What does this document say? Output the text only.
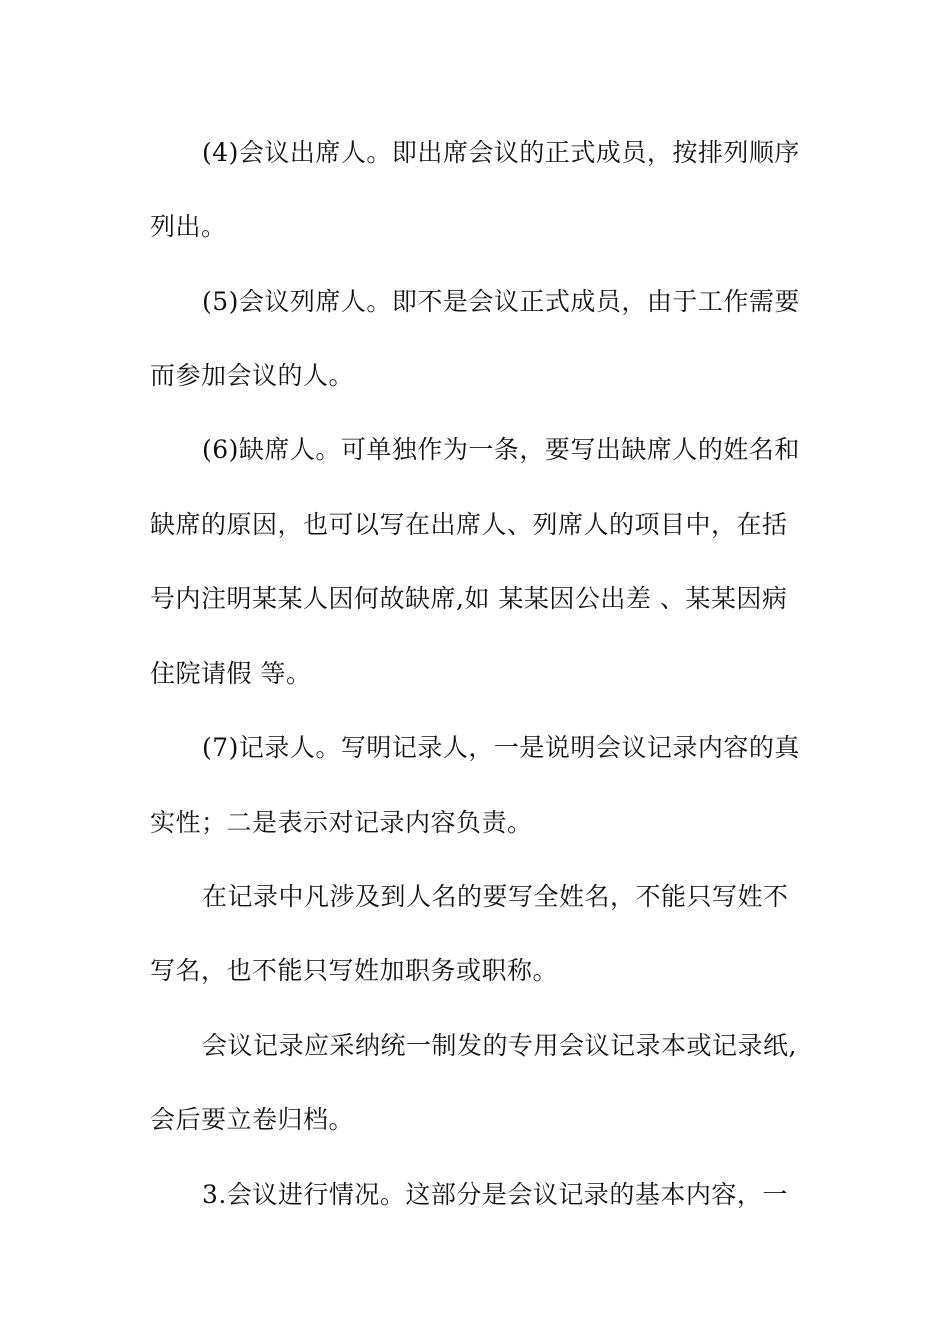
(4)会议出席人。即出席会议的正式成员，按排列顺序
列出。
(5)会议列席人。即不是会议正式成员，由于工作需要
而参加会议的人。
(6)缺席人。可单独作为一条，要写出缺席人的姓名和
缺席的原因，也可以写在出席人、列席人的项目中，在括
号内注明某某人因何故缺席,如 某某因公出差 、某某因病
住院请假 等。
(7)记录人。写明记录人，一是说明会议记录内容的真
实性；二是表示对记录内容负责。
在记录中凡涉及到人名的要写全姓名，不能只写姓不
写名，也不能只写姓加职务或职称。
会议记录应采纳统一制发的专用会议记录本或记录纸,
会后要立卷归档。
3.会议进行情况。这部分是会议记录的基本内容，一
